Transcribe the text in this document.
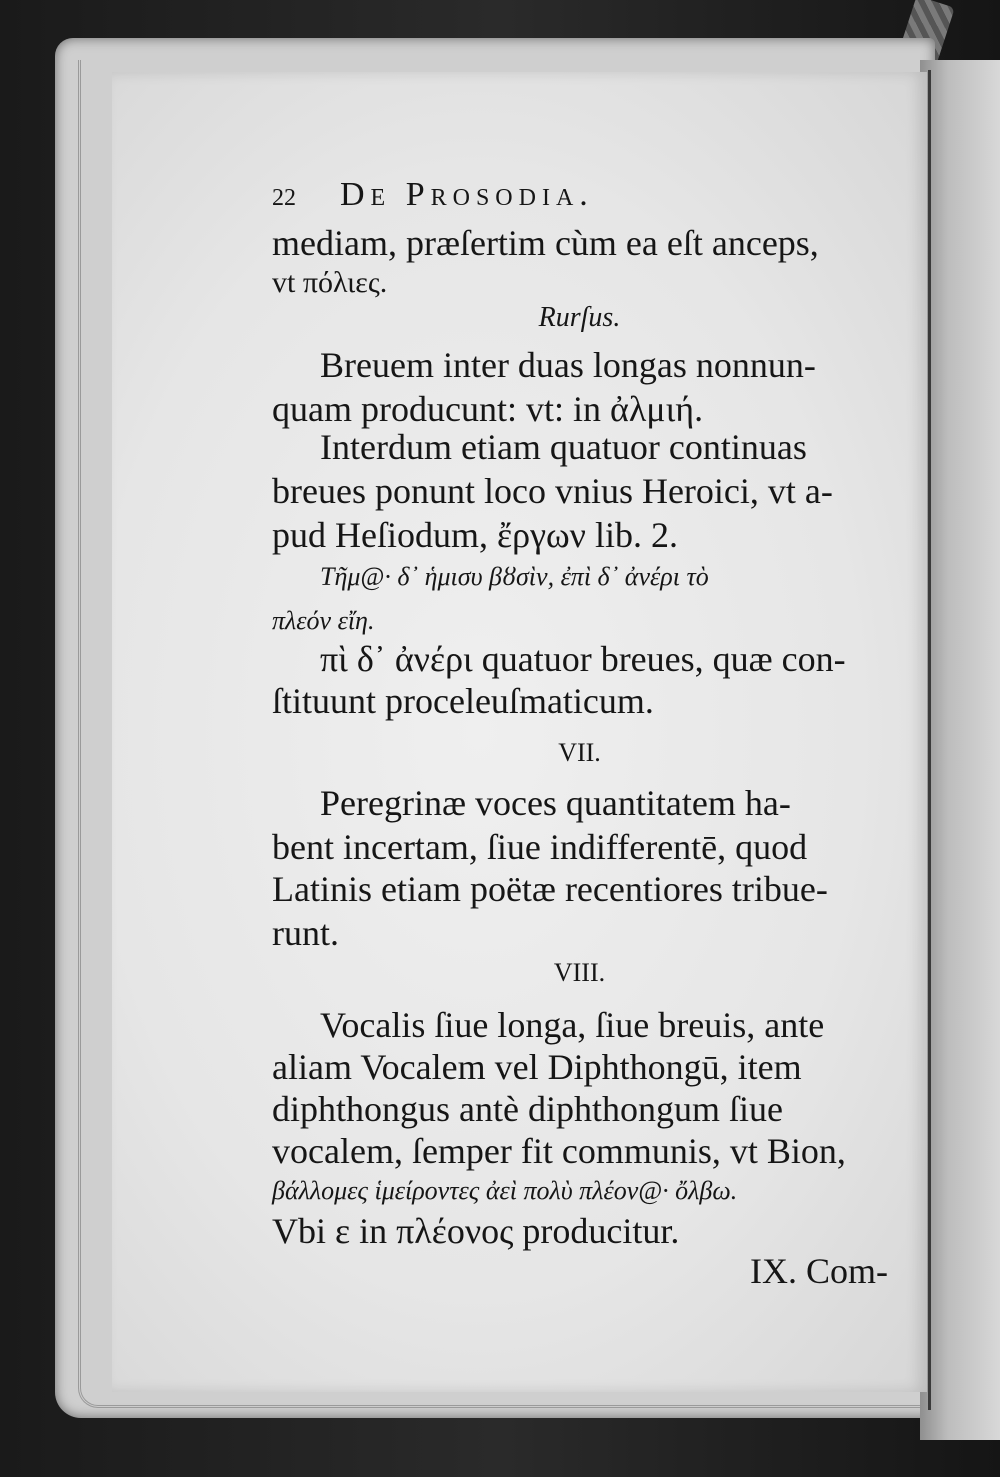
22 De Prosodia.
mediam, præſertim cùm ea eſt anceps,
vt πόλιες.
Rurſus.
Breuem inter duas longas nonnun-
quam producunt: vt: in ἀλμιή.
Interdum etiam quatuor continuas
breues ponunt loco vnius Heroici, vt a-
pud Heſiodum, ἔργων lib. 2.
Τῆμ@· δ᾽ ἡμισυ βȣσὶν, ἐπὶ δ᾽ ἀνέρι τὸ
πλεόν εἴη.
πὶ δ᾽ ἀνέρι quatuor breues, quæ con-
ſtituunt proceleuſmaticum.
VII.
Peregrinæ voces quantitatem ha-
bent incertam, ſiue indifferentē, quod
Latinis etiam poëtæ recentiores tribue-
runt.
VIII.
Vocalis ſiue longa, ſiue breuis, ante
aliam Vocalem vel Diphthongū, item
diphthongus antè diphthongum ſiue
vocalem, ſemper fit communis, vt Bion,
βάλλομες ἱμείροντες ἀεὶ πολὺ πλέον@· ὄλβω.
Vbi ε in πλέονος producitur.
IX. Com-
